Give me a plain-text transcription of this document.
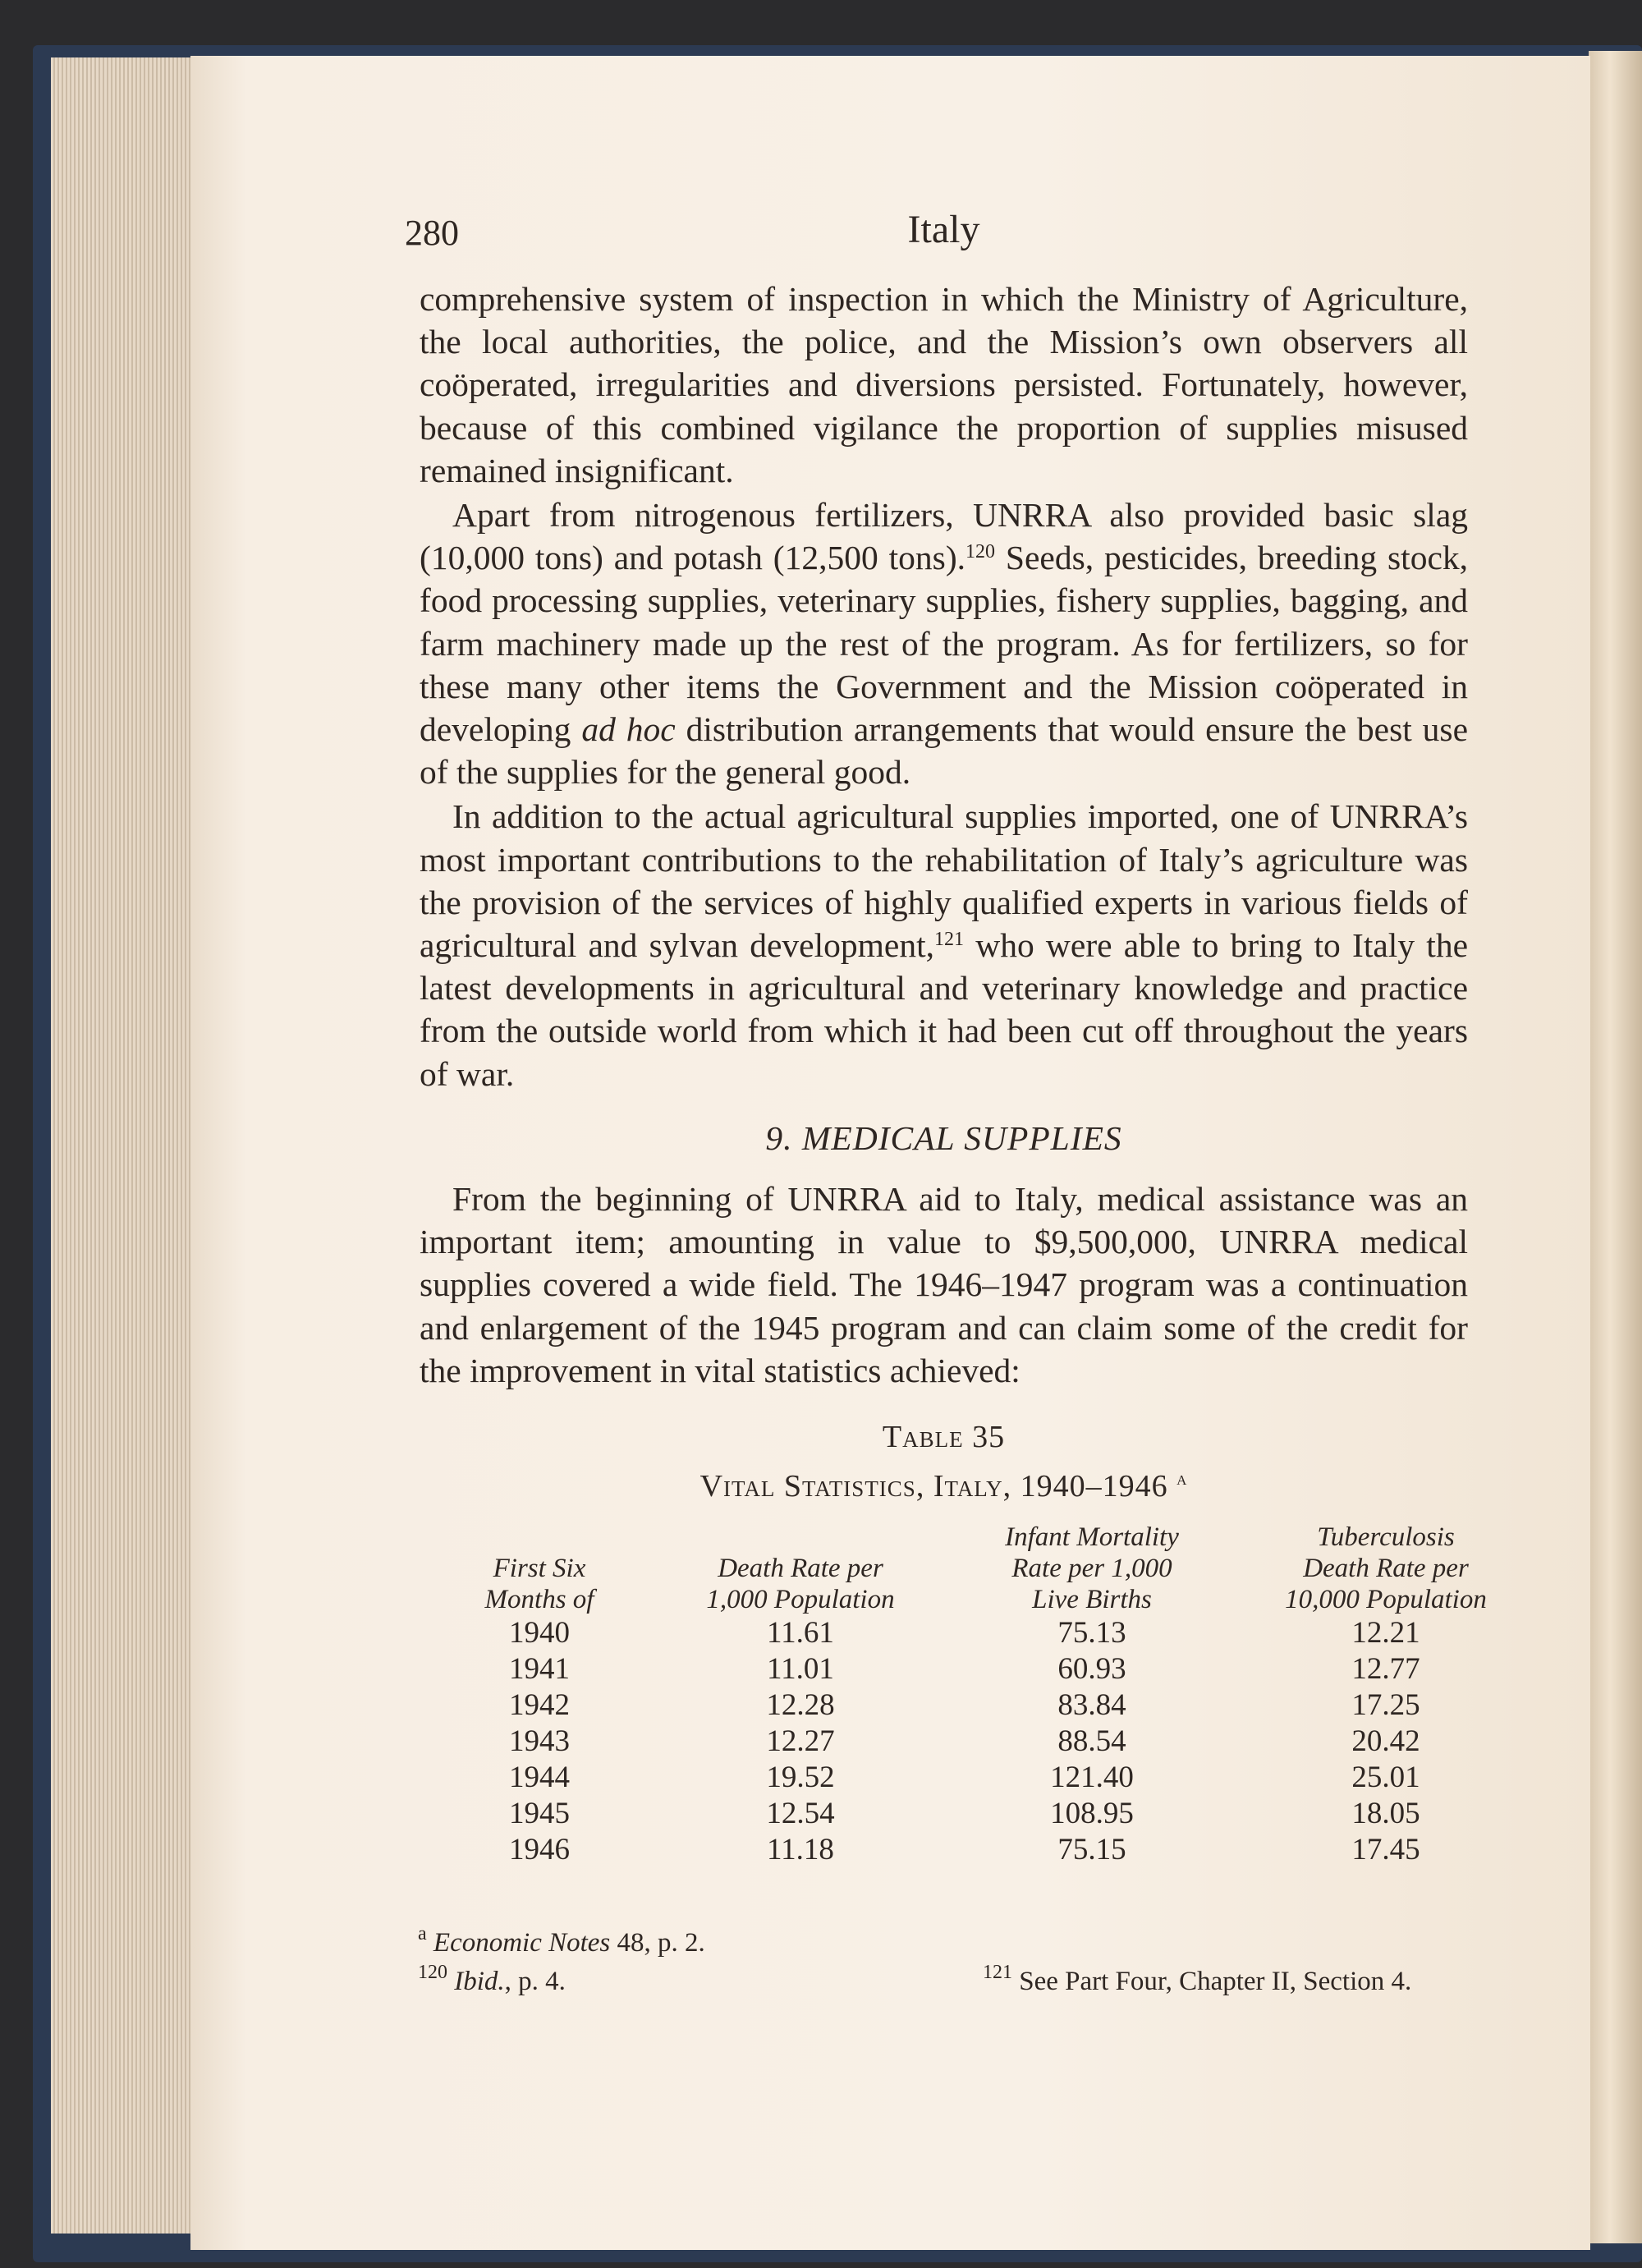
280	Italy

comprehensive system of inspection in which the Ministry of Agriculture, the local authorities, the police, and the Mission’s own observers all coöperated, irregularities and diversions persisted. Fortunately, however, because of this combined vigilance the proportion of supplies misused remained insignificant.

Apart from nitrogenous fertilizers, UNRRA also provided basic slag (10,000 tons) and potash (12,500 tons).$^{120}$ Seeds, pesticides, breeding stock, food processing supplies, veterinary supplies, fishery supplies, bagging, and farm machinery made up the rest of the program. As for fertilizers, so for these many other items the Government and the Mission coöperated in developing ad hoc distribution arrangements that would ensure the best use of the supplies for the general good.

In addition to the actual agricultural supplies imported, one of UNRRA’s most important contributions to the rehabilitation of Italy’s agriculture was the provision of the services of highly qualified experts in various fields of agricultural and sylvan development,$^{121}$ who were able to bring to Italy the latest developments in agricultural and veterinary knowledge and practice from the outside world from which it had been cut off throughout the years of war.

9. MEDICAL SUPPLIES

From the beginning of UNRRA aid to Italy, medical assistance was an important item; amounting in value to $9,500,000, UNRRA medical supplies covered a wide field. The 1946–1947 program was a continuation and enlargement of the 1945 program and can claim some of the credit for the improvement in vital statistics achieved:

Table 35
Vital Statistics, Italy, 1940–1946 $^a$
First Six
Months of
1940
1941
1942
1943
1944
1945
1946
Death Rate per
1,000 Population
11.61
11.01
12.28
12.27
19.52
12.54
11.18
Infant Mortality
Rate per 1,000
Live Births
75.13
60.93
83.84
88.54
121.40
108.95
75.15
Tuberculosis
Death Rate per
10,000 Population
12.21
12.77
17.25
20.42
25.01
18.05
17.45
$^a$ Economic Notes 48, p. 2.
$^{120}$ Ibid., p. 4.	$^{121}$ See Part Four, Chapter II, Section 4.
